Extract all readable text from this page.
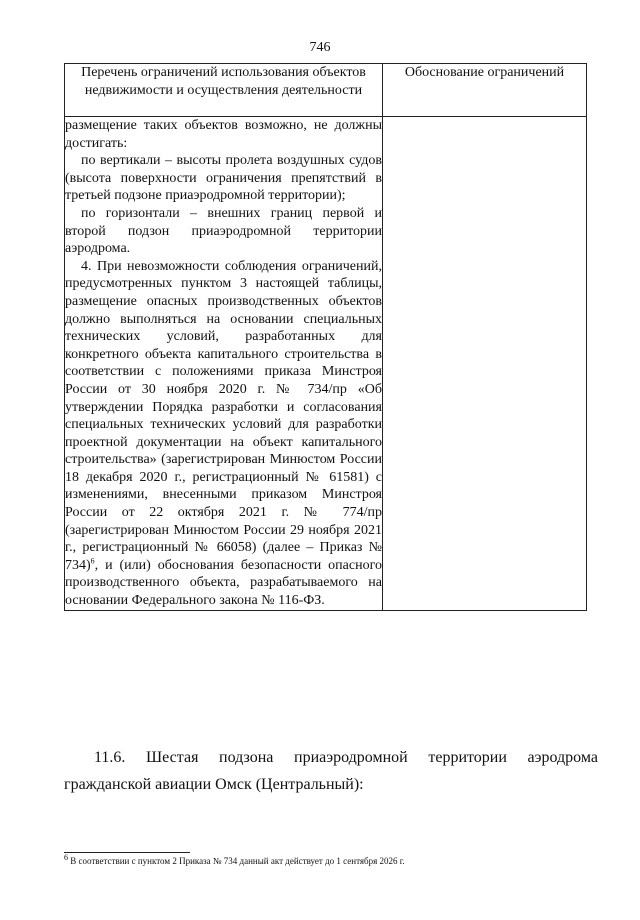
746
Перечень ограничений использования объектов недвижимости и осуществления деятельности	Обоснование ограничений

размещение таких объектов возможно, не должны достигать:

по вертикали – высоты пролета воздушных судов (высота поверхности ограничения препятствий в третьей подзоне приаэродромной территории);

по горизонтали – внешних границ первой и второй подзон приаэродромной территории аэродрома.

4. При невозможности соблюдения ограничений, предусмотренных пунктом 3 настоящей таблицы, размещение опасных производственных объектов должно выполняться на основании специальных технических условий, разработанных для конкретного объекта капитального строительства в соответствии с положениями приказа Минстроя России от 30 ноября 2020 г. № 734/пр «Об утверждении Порядка разработки и согласования специальных технических условий для разработки проектной документации на объект капитального строительства» (зарегистрирован Минюстом России 18 декабря 2020 г., регистрационный № 61581) с изменениями, внесенными приказом Минстроя России от 22 октября 2021 г. № 774/пр (зарегистрирован Минюстом России 29 ноября 2021 г., регистрационный № 66058) (далее – Приказ № 734)$^6$, и (или) обоснования безопасности опасного производственного объекта, разрабатываемого на основании Федерального закона № 116-ФЗ.	

11.6. Шестая подзона приаэродромной территории аэродрома гражданской авиации Омск (Центральный):

$^6$ В соответствии с пунктом 2 Приказа № 734 данный акт действует до 1 сентября 2026 г.
